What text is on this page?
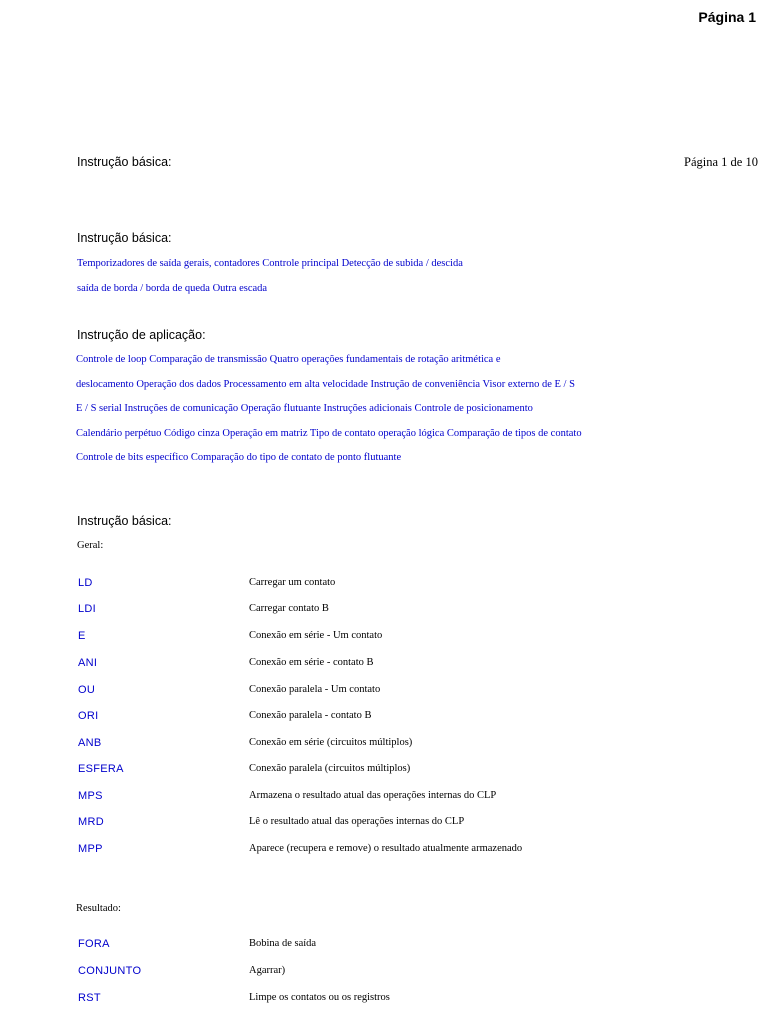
Página 1
Instrução básica:	Página 1 de 10
Instrução básica:
Temporizadores de saída gerais, contadores Controle principal Detecção de subida / descida
saída de borda / borda de queda Outra escada
Instrução de aplicação:
Controle de loop Comparação de transmissão Quatro operações fundamentais de rotação aritmética e
deslocamento Operação dos dados Processamento em alta velocidade Instrução de conveniência Visor externo de E / S
E / S serial Instruções de comunicação Operação flutuante Instruções adicionais Controle de posicionamento
Calendário perpétuo Código cinza Operação em matriz Tipo de contato operação lógica Comparação de tipos de contato
Controle de bits específico Comparação do tipo de contato de ponto flutuante
Instrução básica:
Geral:
LD	Carregar um contato
LDI	Carregar contato B
E	Conexão em série - Um contato
ANI	Conexão em série - contato B
OU	Conexão paralela - Um contato
ORI	Conexão paralela - contato B
ANB	Conexão em série (circuitos múltiplos)
ESFERA	Conexão paralela (circuitos múltiplos)
MPS	Armazena o resultado atual das operações internas do CLP
MRD	Lê o resultado atual das operações internas do CLP
MPP	Aparece (recupera e remove) o resultado atualmente armazenado
Resultado:
FORA	Bobina de saída
CONJUNTO	Agarrar)
RST	Limpe os contatos ou os registros
